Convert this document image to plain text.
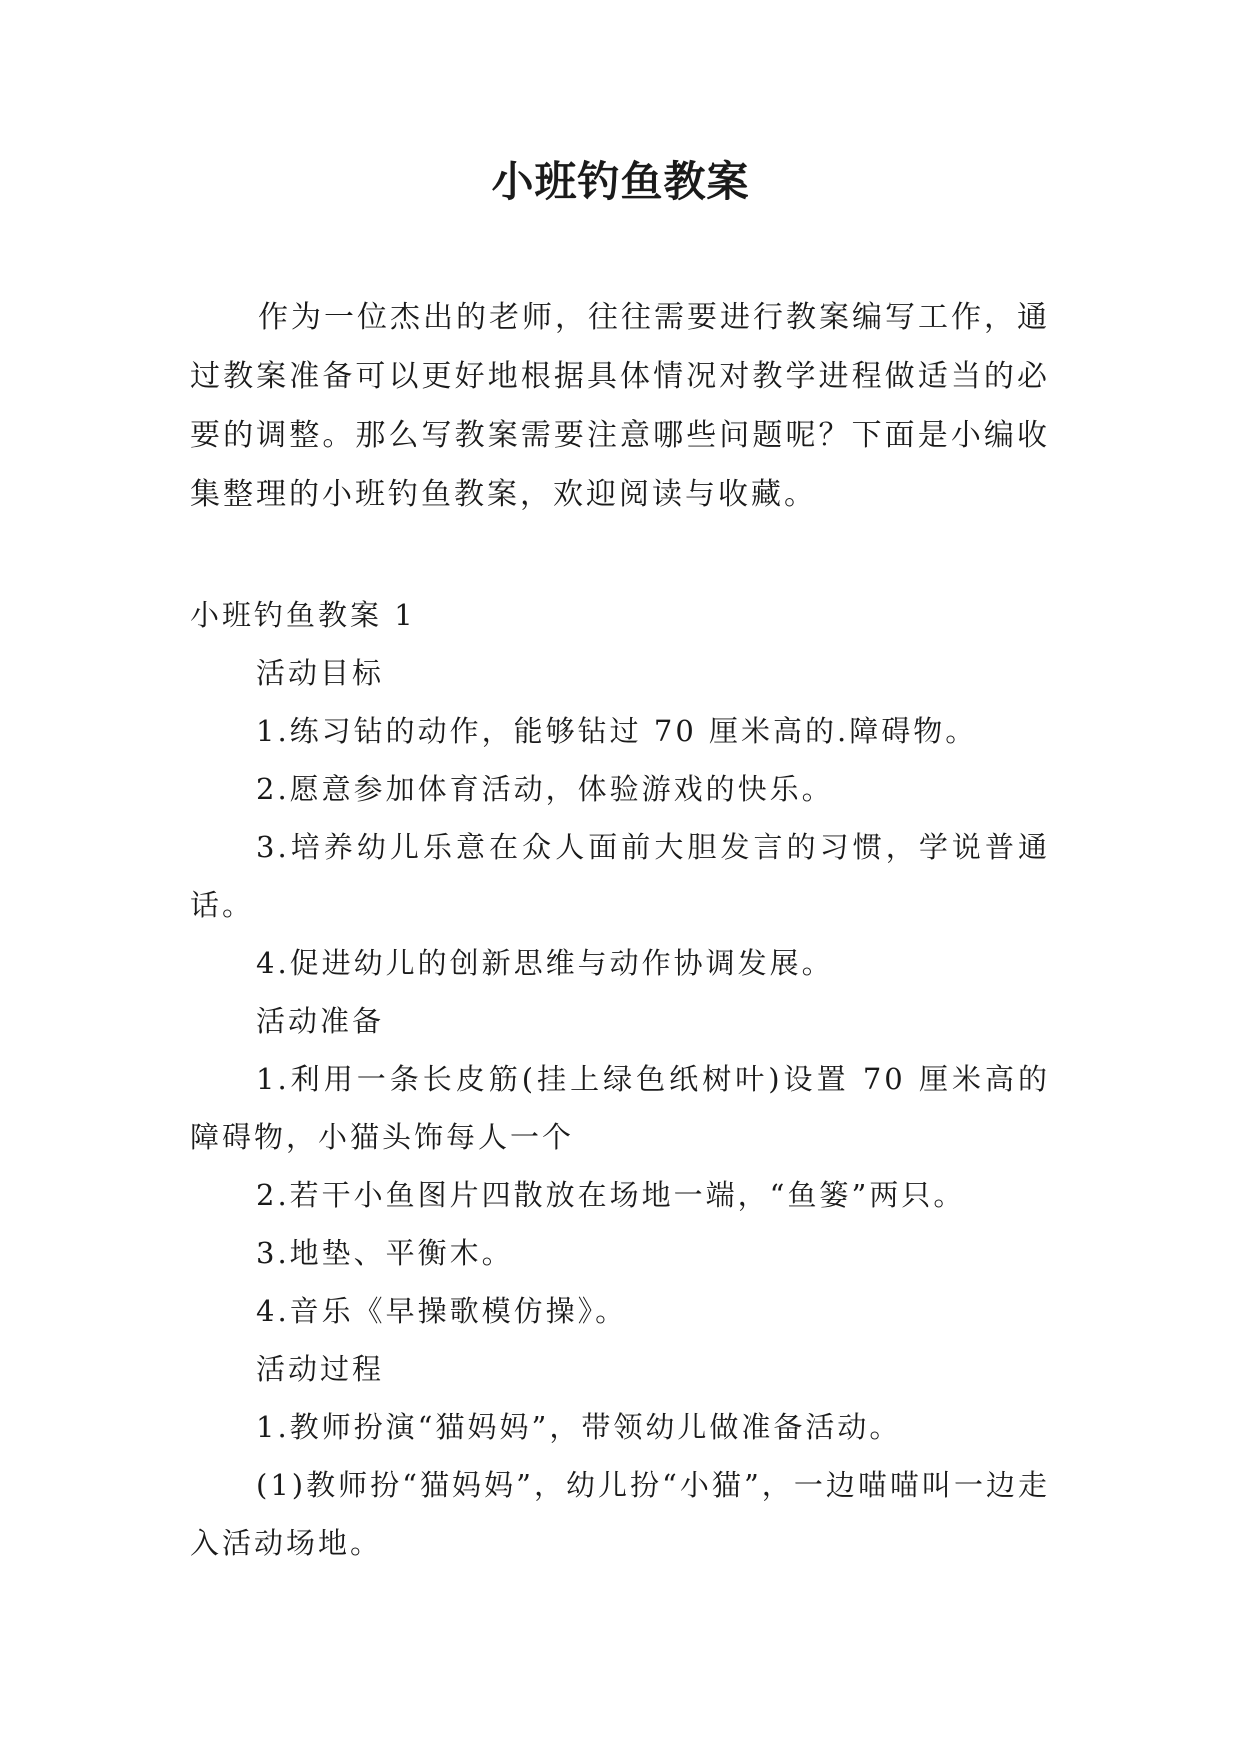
小班钓鱼教案

作为一位杰出的老师，往往需要进行教案编写工作，通过教案准备可以更好地根据具体情况对教学进程做适当的必要的调整。那么写教案需要注意哪些问题呢？下面是小编收集整理的小班钓鱼教案，欢迎阅读与收藏。

小班钓鱼教案 1

活动目标

1.练习钻的动作，能够钻过 70 厘米高的.障碍物。

2.愿意参加体育活动，体验游戏的快乐。

3.培养幼儿乐意在众人面前大胆发言的习惯，学说普通话。

4.促进幼儿的创新思维与动作协调发展。

活动准备

1.利用一条长皮筋(挂上绿色纸树叶)设置 70 厘米高的障碍物，小猫头饰每人一个

2.若干小鱼图片四散放在场地一端，“鱼篓”两只。

3.地垫、平衡木。

4.音乐《早操歌模仿操》。

活动过程

1.教师扮演“猫妈妈”，带领幼儿做准备活动。

(1)教师扮“猫妈妈”，幼儿扮“小猫”，一边喵喵叫一边走入活动场地。
